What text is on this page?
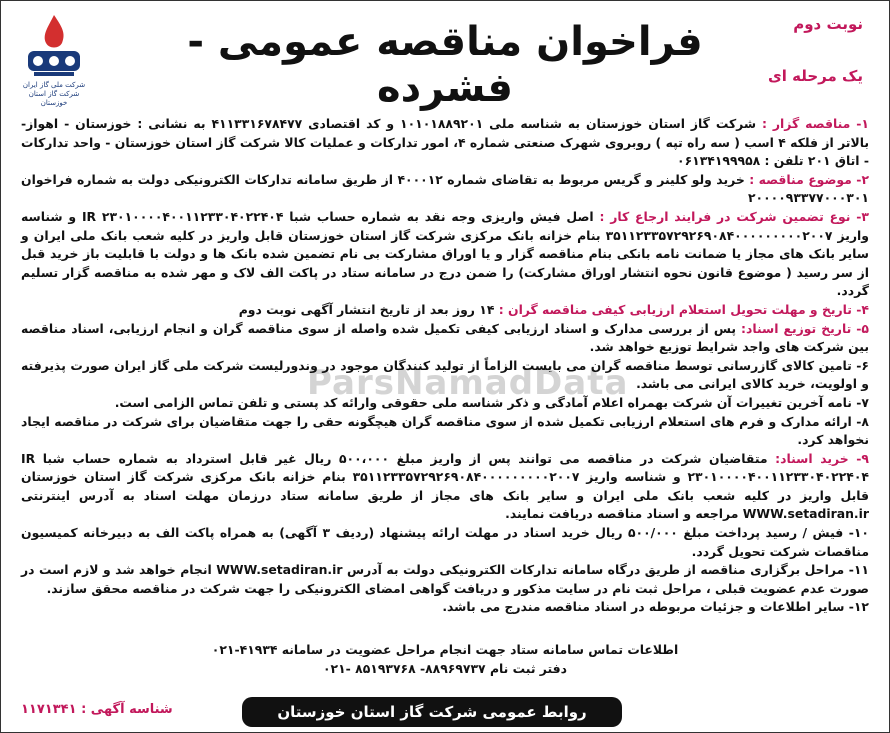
شرکت ملی گاز ایران
شرکت گاز استان خوزستان
نوبت دوم
فراخوان مناقصه عمومی - فشرده	یک مرحله ای
ParsNamadData

۱- مناقصه گزار : شرکت گاز استان خوزستان به شناسه ملی ۱۰۱۰۱۸۸۹۲۰۱ و کد اقتصادی ۴۱۱۳۳۱۶۷۸۴۷۷ به نشانی : خوزستان - اهواز- بالاتر از فلکه ۴ اسب ( سه راه تپه ) روبروی شهرک صنعتی شماره ۴، امور تدارکات و عملیات کالا شرکت گاز استان خوزستان - واحد تدارکات - اتاق ۲۰۱ تلفن : ۰۶۱۳۴۱۹۹۹۵۸

۲- موضوع مناقصه : خرید ولو کلینر و گریس مربوط به تقاضای شماره ۴۰۰۰۱۲ از طریق سامانه تدارکات الکترونیکی دولت به شماره فراخوان ۲۰۰۰۰۹۳۳۷۷۰۰۰۳۰۱

۳- نوع تضمین شرکت در فرایند ارجاع کار : اصل فیش واریزی وجه نقد به شماره حساب شبا IR ۲۳۰۱۰۰۰۰۴۰۰۱۱۲۳۳۰۴۰۲۲۴۰۴ و شناسه واریز ۳۵۱۱۲۳۳۵۷۲۹۲۶۹۰۸۴۰۰۰۰۰۰۰۰۰۲۰۰۷ بنام خزانه بانک مرکزی شرکت گاز استان خوزستان قابل واریز در کلیه شعب بانک ملی ایران و سایر بانک های مجاز یا ضمانت نامه بانکی بنام مناقصه گزار و یا اوراق مشارکت بی نام تضمین شده بانک ها و دولت با قابلیت باز خرید قبل از سر رسید ( موضوع قانون نحوه انتشار اوراق مشارکت) را ضمن درج در سامانه ستاد در پاکت الف لاک و مهر شده به مناقصه گزار تسلیم گردد.

۴- تاریخ و مهلت تحویل استعلام ارزیابی کیفی مناقصه گران : ۱۴ روز بعد از تاریخ انتشار آگهی نوبت دوم

۵- تاریخ توزیع اسناد: پس از بررسی مدارک و اسناد ارزیابی کیفی تکمیل شده واصله از سوی مناقصه گران و انجام ارزیابی، اسناد مناقصه بین شرکت های واجد شرایط توزیع خواهد شد.

۶- تامین کالای گازرسانی توسط مناقصه گران می بایست الزاماً از تولید کنندگان موجود در وندورلیست شرکت ملی گاز ایران صورت پذیرفته و اولویت، خرید کالای ایرانی می باشد.

۷- نامه آخرین تغییرات آن شرکت بهمراه اعلام آمادگی و ذکر شناسه ملی حقوقی وارائه کد پستی و تلفن تماس الزامی است.

۸- ارائه مدارک و فرم های استعلام ارزیابی تکمیل شده از سوی مناقصه گران هیچگونه حقی را جهت متقاضیان برای شرکت در مناقصه ایجاد نخواهد کرد.

۹- خرید اسناد: متقاضیان شرکت در مناقصه می توانند پس از واریز مبلغ ۵۰۰،۰۰۰ ریال غیر قابل استرداد به شماره حساب شبا IR ۲۳۰۱۰۰۰۰۴۰۰۱۱۲۳۳۰۴۰۲۲۴۰۴ و شناسه واریز ۳۵۱۱۲۳۳۵۷۲۹۲۶۹۰۸۴۰۰۰۰۰۰۰۰۰۲۰۰۷ بنام خزانه بانک مرکزی شرکت گاز استان خوزستان قابل واریز در کلیه شعب بانک ملی ایران و سایر بانک های مجاز از طریق سامانه ستاد درزمان مهلت اسناد به آدرس اینترنتی WWW.setadiran.ir مراجعه و اسناد مناقصه دریافت نمایند.

۱۰- فیش / رسید پرداخت مبلغ ۵۰۰/۰۰۰ ریال خرید اسناد در مهلت ارائه پیشنهاد (ردیف ۳ آگهی) به همراه پاکت الف به دبیرخانه کمیسیون مناقصات شرکت تحویل گردد.

۱۱- مراحل برگزاری مناقصه از طریق درگاه سامانه تدارکات الکترونیکی دولت به آدرس WWW.setadiran.ir انجام خواهد شد و لازم است در صورت عدم عضویت قبلی ، مراحل ثبت نام در سایت مذکور و دریافت گواهی امضای الکترونیکی را جهت شرکت در مناقصه محقق سازند.

۱۲- سایر اطلاعات و جزئیات مربوطه در اسناد مناقصه مندرج می باشد.

اطلاعات تماس سامانه ستاد جهت انجام مراحل عضویت در سامانه ۴۱۹۳۴-۰۲۱
دفتر ثبت نام ۸۸۹۶۹۷۳۷- ۸۵۱۹۳۷۶۸ -۰۲۱
شناسه آگهی : ۱۱۷۱۳۴۱	روابط عمومی شرکت گاز استان خوزستان
